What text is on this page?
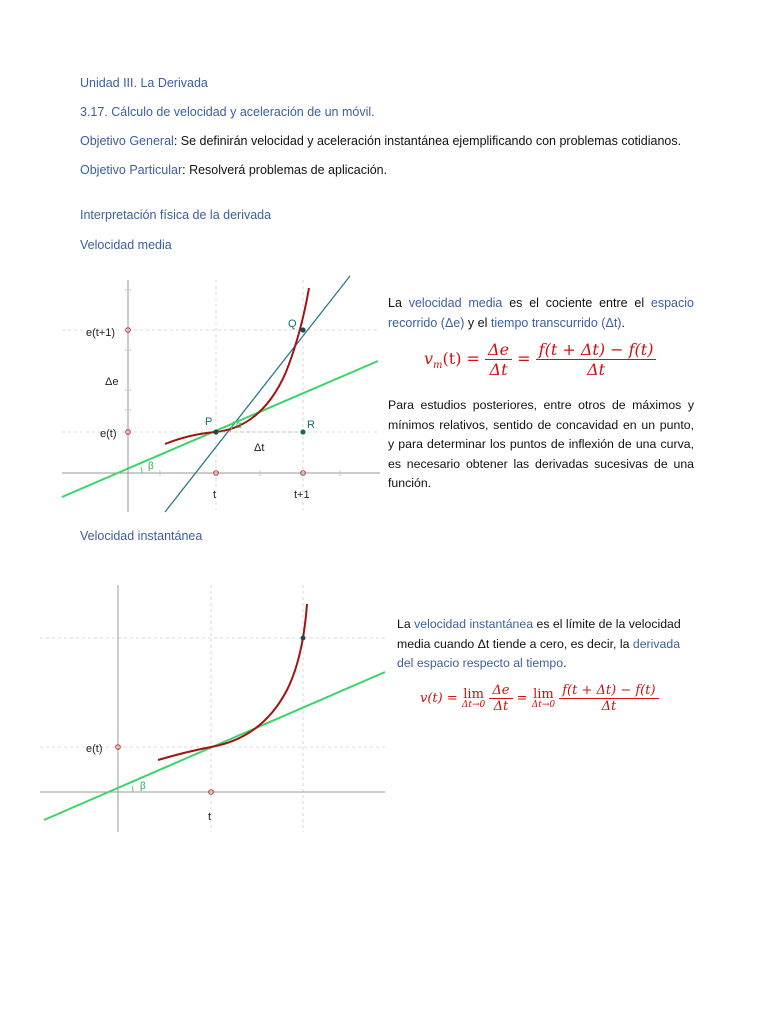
Unidad III. La Derivada
3.17. Cálculo de velocidad y aceleración de un móvil.
Objetivo General: Se definirán velocidad y aceleración instantánea ejemplificando con problemas cotidianos.
Objetivo Particular: Resolverá problemas de aplicación.
Interpretación física de la derivada
Velocidad media
e(t+1)
Δe
e(t)
t	t+1
Δt
P
Q
R
α
β
La velocidad media es el cociente entre el espacio recorrido (Δe) y el tiempo transcurrido (Δt).
$v_m(t) = \frac{\Delta e}{\Delta t} = \frac{f(t + \Delta t) - f(t)}{\Delta t}$
Para estudios posteriores, entre otros de máximos y mínimos relativos, sentido de concavidad en un punto, y para determinar los puntos de inflexión de una curva, es necesario obtener las derivadas sucesivas de una función.
Velocidad instantánea
e(t)
t
β
La velocidad instantánea es el límite de la velocidad media cuando Δt tiende a cero, es decir, la derivada del espacio respecto al tiempo.
v(t) = lim
Δt→0
$\frac{\Delta e}{\Delta t} = \lim$
Δt→0
$\frac{f(t + \Delta t) - f(t)}{\Delta t}$
